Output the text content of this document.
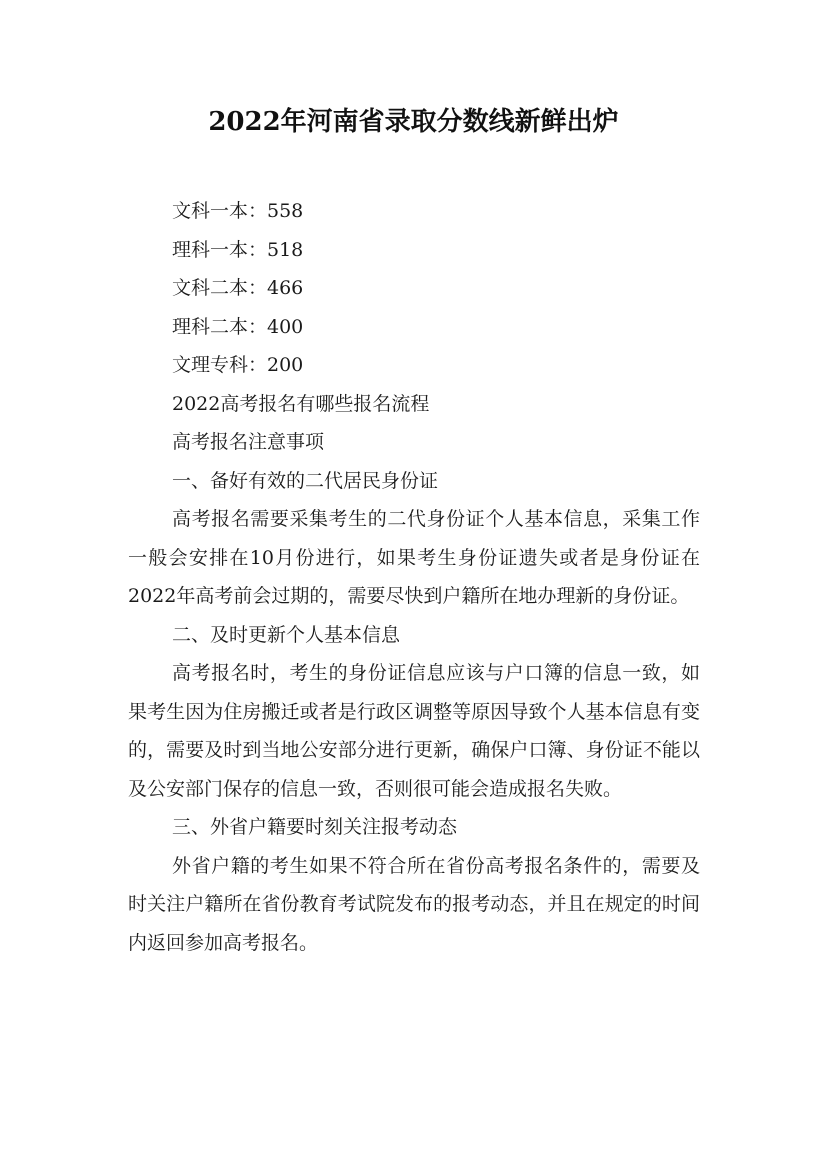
2022年河南省录取分数线新鲜出炉

文科一本：558

理科一本：518

文科二本：466

理科二本：400

文理专科：200

2022高考报名有哪些报名流程

高考报名注意事项

一、备好有效的二代居民身份证

高考报名需要采集考生的二代身份证个人基本信息，采集工作一般会安排在10月份进行，如果考生身份证遗失或者是身份证在2022年高考前会过期的，需要尽快到户籍所在地办理新的身份证。

二、及时更新个人基本信息

高考报名时，考生的身份证信息应该与户口簿的信息一致，如果考生因为住房搬迁或者是行政区调整等原因导致个人基本信息有变的，需要及时到当地公安部分进行更新，确保户口簿、身份证不能以及公安部门保存的信息一致，否则很可能会造成报名失败。

三、外省户籍要时刻关注报考动态

外省户籍的考生如果不符合所在省份高考报名条件的，需要及时关注户籍所在省份教育考试院发布的报考动态，并且在规定的时间内返回参加高考报名。
